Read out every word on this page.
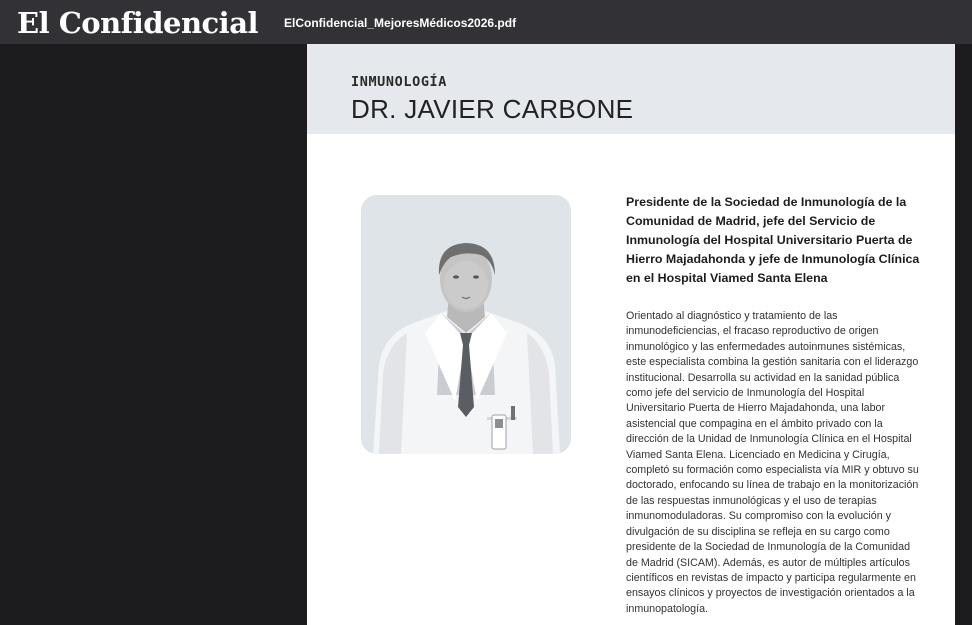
El Confidencial ElConfidencial_MejoresMédicos2026.pdf
INMUNOLOGÍA
DR. JAVIER CARBONE
Presidente de la Sociedad de Inmunología de la Comunidad de Madrid, jefe del Servicio de Inmunología del Hospital Universitario Puerta de Hierro Majadahonda y jefe de Inmunología Clínica en el Hospital Viamed Santa Elena
Orientado al diagnóstico y tratamiento de las inmunodeficiencias, el fracaso reproductivo de origen inmunológico y las enfermedades autoinmunes sistémicas, este especialista combina la gestión sanitaria con el liderazgo institucional. Desarrolla su actividad en la sanidad pública como jefe del servicio de Inmunología del Hospital Universitario Puerta de Hierro Majadahonda, una labor asistencial que compagina en el ámbito privado con la dirección de la Unidad de Inmunología Clínica en el Hospital Viamed Santa Elena. Licenciado en Medicina y Cirugía, completó su formación como especialista vía MIR y obtuvo su doctorado, enfocando su línea de trabajo en la monitorización de las respuestas inmunológicas y el uso de terapias inmunomoduladoras. Su compromiso con la evolución y divulgación de su disciplina se refleja en su cargo como presidente de la Sociedad de Inmunología de la Comunidad de Madrid (SICAM). Además, es autor de múltiples artículos científicos en revistas de impacto y participa regularmente en ensayos clínicos y proyectos de investigación orientados a la inmunopatología.
